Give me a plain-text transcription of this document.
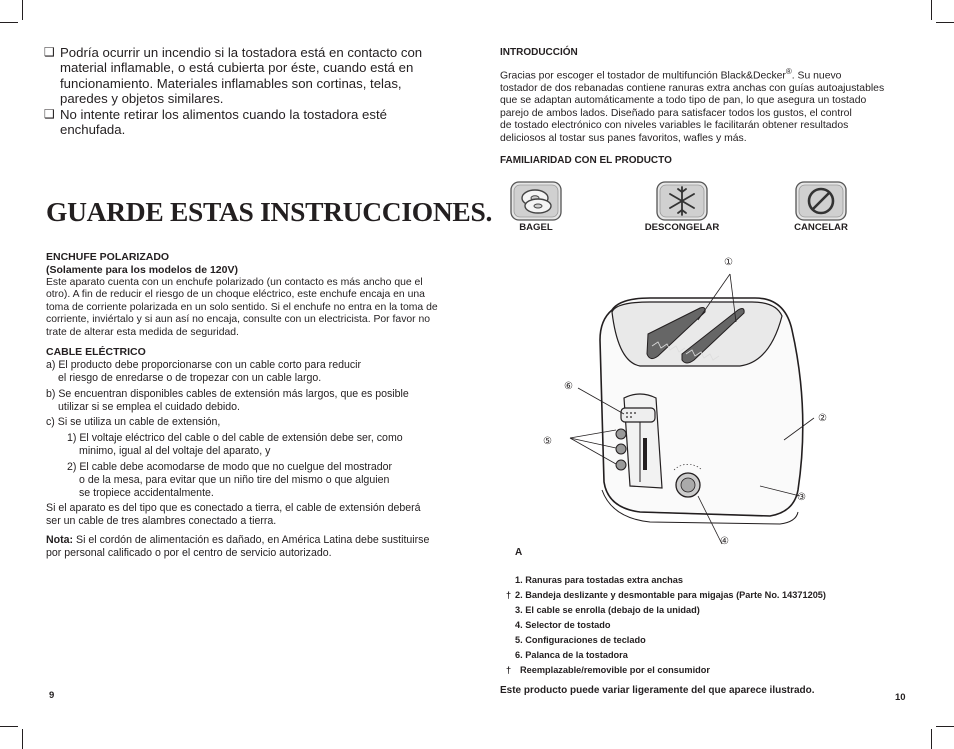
❑ Podría ocurrir un incendio si la tostadora está en contacto con
material inflamable, o está cubierta por éste, cuando está en
funcionamiento. Materiales inflamables son cortinas, telas,
paredes y objetos similares.
❑ No intente retirar los alimentos cuando la tostadora esté
enchufada.
GUARDE ESTAS INSTRUCCIONES.
ENCHUFE POLARIZADO
(Solamente para los modelos de 120V)
Este aparato cuenta con un enchufe polarizado (un contacto es más ancho que el
otro). A fin de reducir el riesgo de un choque eléctrico, este enchufe encaja en una
toma de corriente polarizada en un solo sentido. Si el enchufe no entra en la toma de
corriente, inviértalo y si aun así no encaja, consulte con un electricista. Por favor no
trate de alterar esta medida de seguridad.
CABLE ELÉCTRICO
a) El producto debe proporcionarse con un cable corto para reducir
el riesgo de enredarse o de tropezar con un cable largo.
b) Se encuentran disponibles cables de extensión más largos, que es posible
utilizar si se emplea el cuidado debido.
c) Si se utiliza un cable de extensión,
1) El voltaje eléctrico del cable o del cable de extensión debe ser, como
minimo, igual al del voltaje del aparato, y
2) El cable debe acomodarse de modo que no cuelgue del mostrador
o de la mesa, para evitar que un niño tire del mismo o que alguien
se tropiece accidentalmente.
Si el aparato es del tipo que es conectado a tierra, el cable de extensión deberá
ser un cable de tres alambres conectado a tierra.
Nota: Si el cordón de alimentación es dañado, en América Latina debe sustituirse
por personal calificado o por el centro de servicio autorizado.
9
INTRODUCCIÓN
Gracias por escoger el tostador de multifunción Black&Decker®. Su nuevo
tostador de dos rebanadas contiene ranuras extra anchas con guías autoajustables
que se adaptan automáticamente a todo tipo de pan, lo que asegura un tostado
parejo de ambos lados. Diseñado para satisfacer todos los gustos, el control
de tostado electrónico con niveles variables le facilitarán obtener resultados
deliciosos al tostar sus panes favoritos, wafles y más.
FAMILIARIDAD CON EL PRODUCTO
BAGEL	DESCONGELAR	CANCELAR
①
②
③
④
⑤
⑥
A
1. Ranuras para tostadas extra anchas
† 2. Bandeja deslizante y desmontable para migajas (Parte No. 14371205)
3. El cable se enrolla (debajo de la unidad)
4. Selector de tostado
5. Configuraciones de teclado
6. Palanca de la tostadora
† Reemplazable/removible por el consumidor
Este producto puede variar ligeramente del que aparece ilustrado.
10
